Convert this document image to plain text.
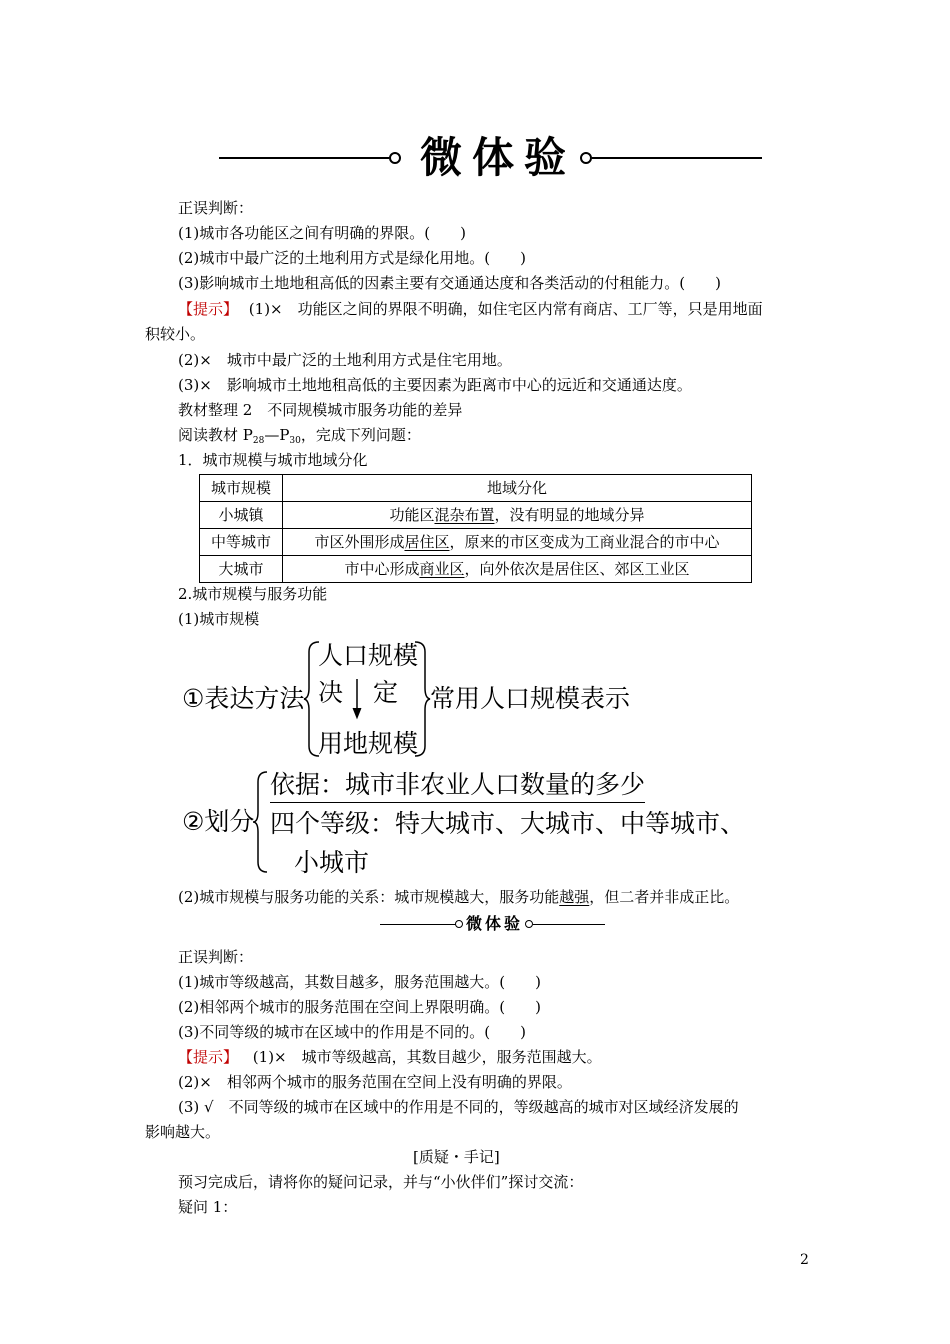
微体验
正误判断：
(1)城市各功能区之间有明确的界限。(　　)
(2)城市中最广泛的土地利用方式是绿化用地。(　　)
(3)影响城市土地地租高低的因素主要有交通通达度和各类活动的付租能力。(　　)
【提示】 (1)×　功能区之间的界限不明确，如住宅区内常有商店、工厂等，只是用地面
积较小。
(2)×　城市中最广泛的土地利用方式是住宅用地。
(3)×　影响城市土地地租高低的主要因素为距离市中心的远近和交通通达度。
教材整理 2　不同规模城市服务功能的差异
阅读教材 $P_{28}—P_{30}$，完成下列问题：
1．城市规模与城市地域分化
城市规模	地域分化
小城镇	功能区混杂布置，没有明显的地域分异
中等城市	市区外围形成居住区，原来的市区变成为工商业混合的市中心
大城市	市中心形成商业区，向外依次是居住区、郊区工业区
2.城市规模与服务功能
(1)城市规模
①表达方法
人口规模
决 定
用地规模
常用人口规模表示
②划分
依据：城市非农业人口数量的多少
四个等级：特大城市、大城市、中等城市、
小城市
(2)城市规模与服务功能的关系：城市规模越大，服务功能越强，但二者并非成正比。
微体验
正误判断：
(1)城市等级越高，其数目越多，服务范围越大。(　　)
(2)相邻两个城市的服务范围在空间上界限明确。(　　)
(3)不同等级的城市在区域中的作用是不同的。(　　)
【提示】 (1)×　城市等级越高，其数目越少，服务范围越大。
(2)×　相邻两个城市的服务范围在空间上没有明确的界限。
(3) √　不同等级的城市在区域中的作用是不同的，等级越高的城市对区域经济发展的
影响越大。
[质疑・手记]
预习完成后，请将你的疑问记录，并与“小伙伴们”探讨交流：
疑问 1：
2
